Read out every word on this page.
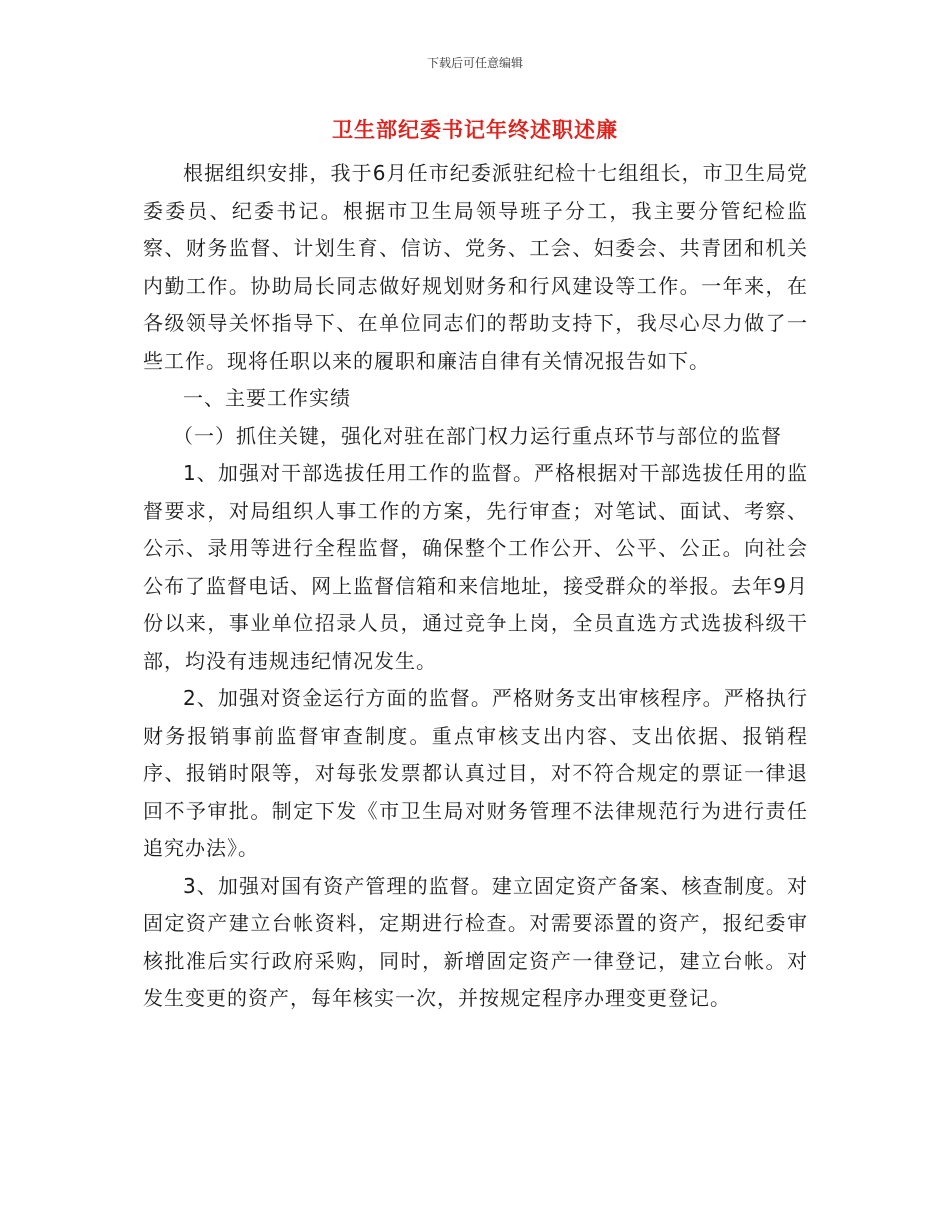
下载后可任意编辑
卫生部纪委书记年终述职述廉

根据组织安排，我于6月任市纪委派驻纪检十七组组长，市卫生局党委委员、纪委书记。根据市卫生局领导班子分工，我主要分管纪检监察、财务监督、计划生育、信访、党务、工会、妇委会、共青团和机关内勤工作。协助局长同志做好规划财务和行风建设等工作。一年来，在各级领导关怀指导下、在单位同志们的帮助支持下，我尽心尽力做了一些工作。现将任职以来的履职和廉洁自律有关情况报告如下。

一、主要工作实绩

（一）抓住关键，强化对驻在部门权力运行重点环节与部位的监督

1、加强对干部选拔任用工作的监督。严格根据对干部选拔任用的监督要求，对局组织人事工作的方案，先行审查；对笔试、面试、考察、公示、录用等进行全程监督，确保整个工作公开、公平、公正。向社会公布了监督电话、网上监督信箱和来信地址，接受群众的举报。去年9月份以来，事业单位招录人员，通过竞争上岗，全员直选方式选拔科级干部，均没有违规违纪情况发生。

2、加强对资金运行方面的监督。严格财务支出审核程序。严格执行财务报销事前监督审查制度。重点审核支出内容、支出依据、报销程序、报销时限等，对每张发票都认真过目，对不符合规定的票证一律退回不予审批。制定下发《市卫生局对财务管理不法律规范行为进行责任追究办法》。

3、加强对国有资产管理的监督。建立固定资产备案、核查制度。对固定资产建立台帐资料，定期进行检查。对需要添置的资产，报纪委审核批准后实行政府采购，同时，新增固定资产一律登记，建立台帐。对发生变更的资产，每年核实一次，并按规定程序办理变更登记。
